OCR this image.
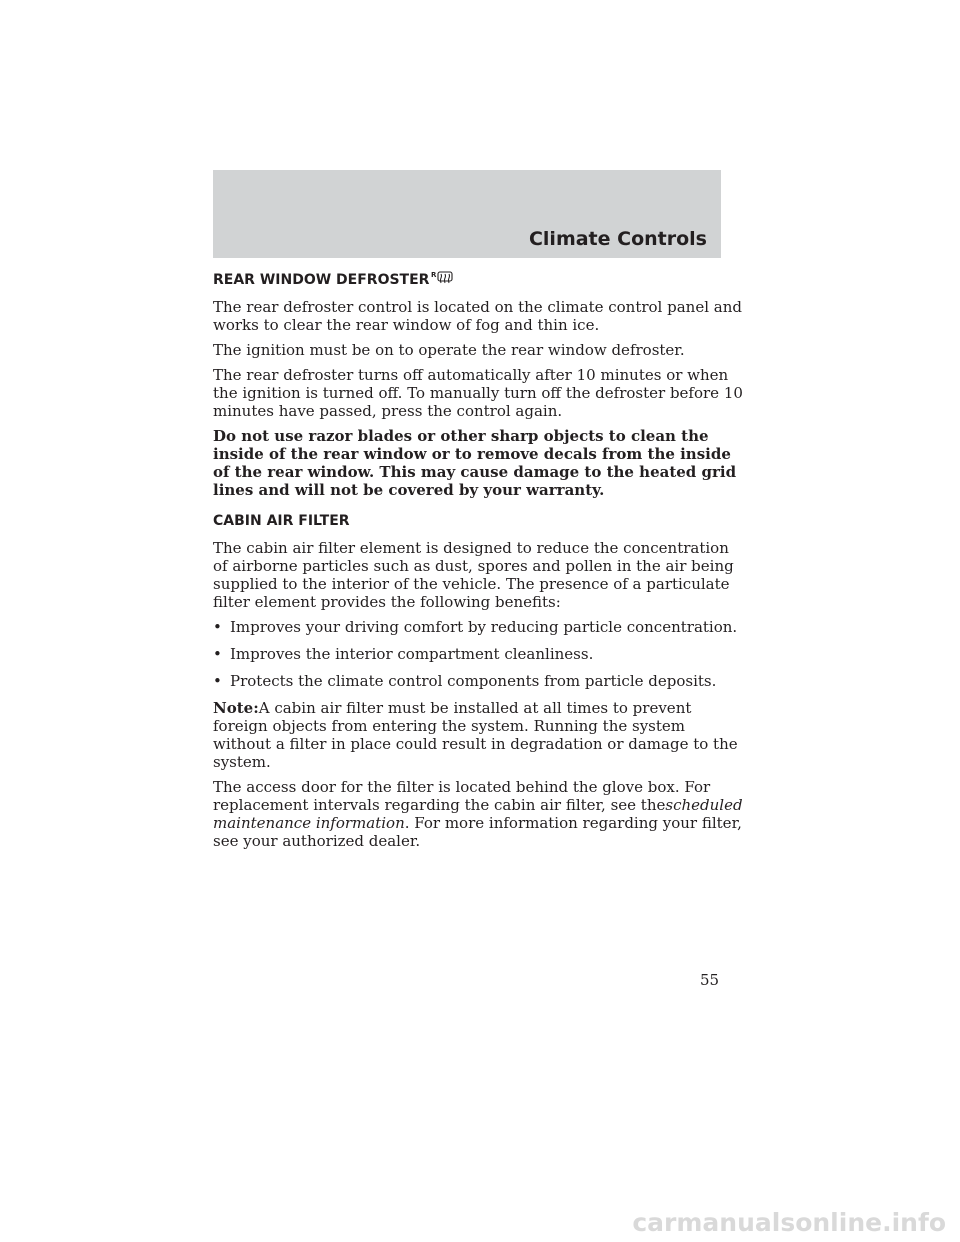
Climate Controls
REAR WINDOW DEFROSTER R

The rear defroster control is located on the climate control panel and works to clear the rear window of fog and thin ice.

The ignition must be on to operate the rear window defroster.

The rear defroster turns off automatically after 10 minutes or when the ignition is turned off. To manually turn off the defroster before 10 minutes have passed, press the control again.

Do not use razor blades or other sharp objects to clean the inside of the rear window or to remove decals from the inside of the rear window. This may cause damage to the heated grid lines and will not be covered by your warranty.

CABIN AIR FILTER

The cabin air filter element is designed to reduce the concentration of airborne particles such as dust, spores and pollen in the air being supplied to the interior of the vehicle. The presence of a particulate filter element provides the following benefits:

• Improves your driving comfort by reducing particle concentration.
• Improves the interior compartment cleanliness.
• Protects the climate control components from particle deposits.

Note:A cabin air filter must be installed at all times to prevent foreign objects from entering the system. Running the system without a filter in place could result in degradation or damage to the system.

The access door for the filter is located behind the glove box. For replacement intervals regarding the cabin air filter, see thescheduled maintenance information. For more information regarding your filter, see your authorized dealer.

55
carmanualsonline.info
